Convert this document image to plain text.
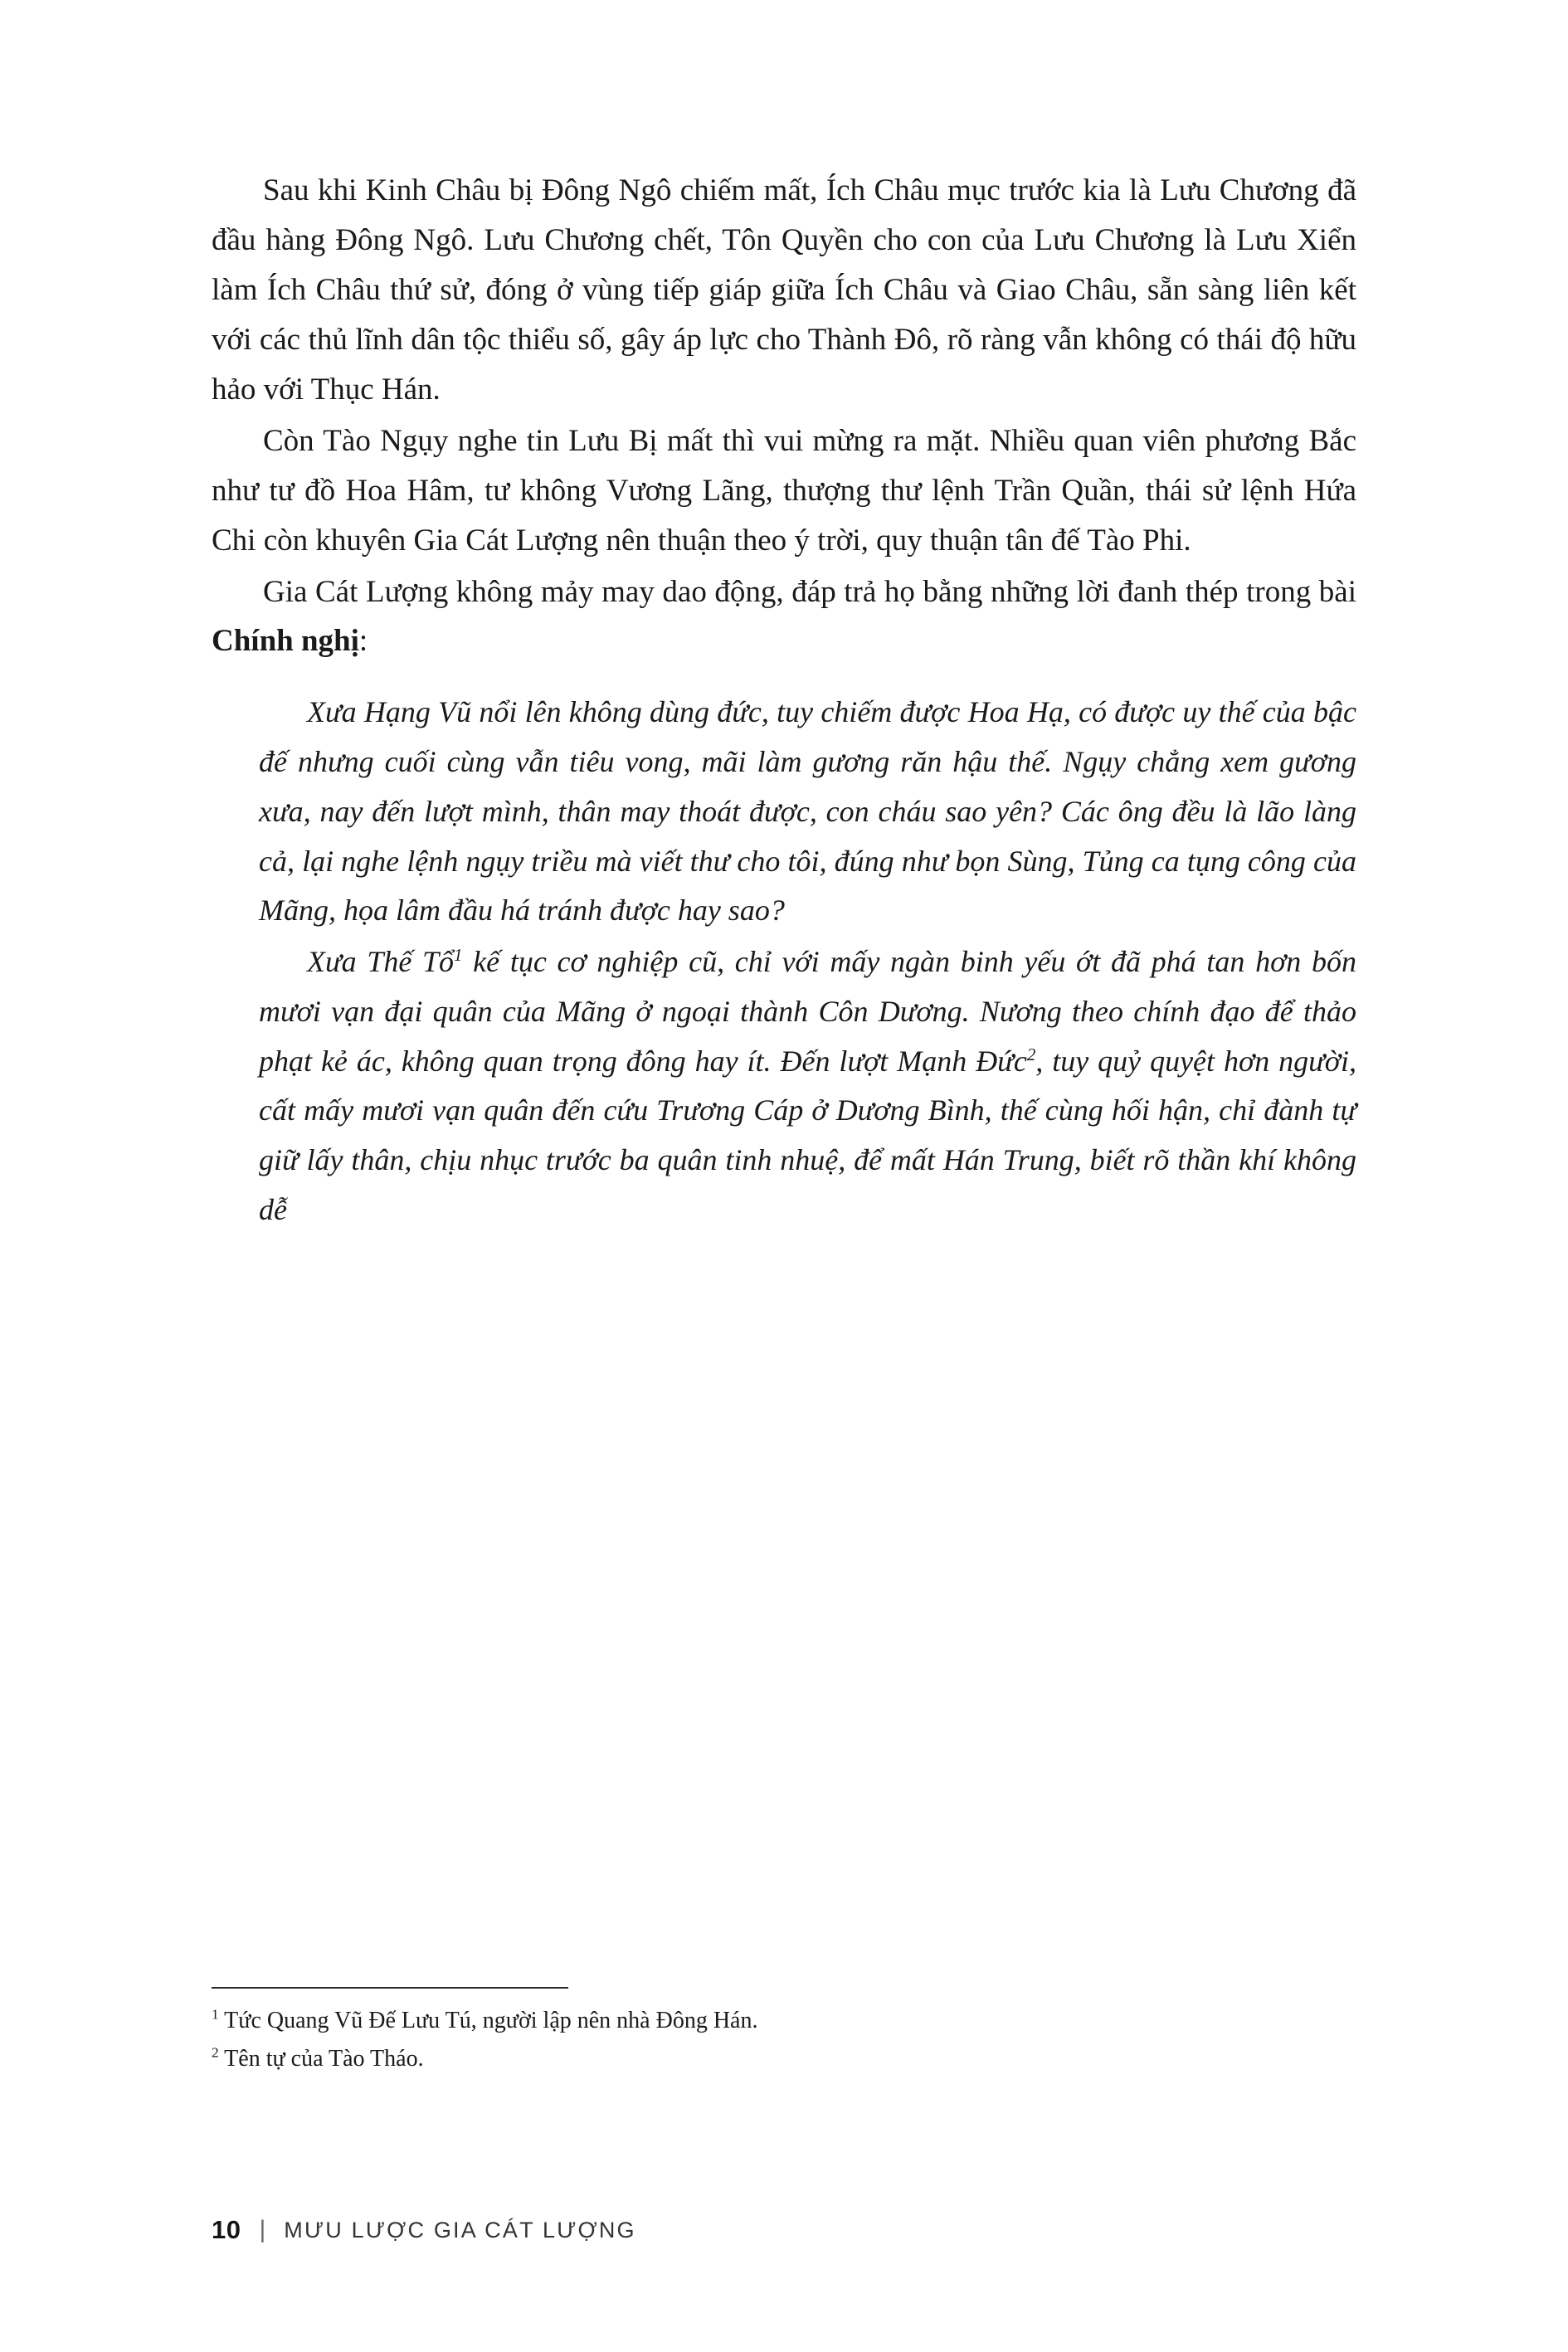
Sau khi Kinh Châu bị Đông Ngô chiếm mất, Ích Châu mục trước kia là Lưu Chương đã đầu hàng Đông Ngô. Lưu Chương chết, Tôn Quyền cho con của Lưu Chương là Lưu Xiển làm Ích Châu thứ sử, đóng ở vùng tiếp giáp giữa Ích Châu và Giao Châu, sẵn sàng liên kết với các thủ lĩnh dân tộc thiểu số, gây áp lực cho Thành Đô, rõ ràng vẫn không có thái độ hữu hảo với Thục Hán.

Còn Tào Ngụy nghe tin Lưu Bị mất thì vui mừng ra mặt. Nhiều quan viên phương Bắc như tư đồ Hoa Hâm, tư không Vương Lãng, thượng thư lệnh Trần Quần, thái sử lệnh Hứa Chi còn khuyên Gia Cát Lượng nên thuận theo ý trời, quy thuận tân đế Tào Phi.

Gia Cát Lượng không mảy may dao động, đáp trả họ bằng những lời đanh thép trong bài Chính nghị:

Xưa Hạng Vũ nổi lên không dùng đức, tuy chiếm được Hoa Hạ, có được uy thế của bậc đế nhưng cuối cùng vẫn tiêu vong, mãi làm gương răn hậu thế. Ngụy chẳng xem gương xưa, nay đến lượt mình, thân may thoát được, con cháu sao yên? Các ông đều là lão làng cả, lại nghe lệnh ngụy triều mà viết thư cho tôi, đúng như bọn Sùng, Tủng ca tụng công của Mãng, họa lâm đầu há tránh được hay sao?

Xưa Thế Tổ$^1$ kế tục cơ nghiệp cũ, chỉ với mấy ngàn binh yếu ớt đã phá tan hơn bốn mươi vạn đại quân của Mãng ở ngoại thành Côn Dương. Nương theo chính đạo để thảo phạt kẻ ác, không quan trọng đông hay ít. Đến lượt Mạnh Đức$^2$, tuy quỷ quyệt hơn người, cất mấy mươi vạn quân đến cứu Trương Cáp ở Dương Bình, thế cùng hối hận, chỉ đành tự giữ lấy thân, chịu nhục trước ba quân tinh nhuệ, để mất Hán Trung, biết rõ thần khí không dễ

$^1$ Tức Quang Vũ Đế Lưu Tú, người lập nên nhà Đông Hán.

$^2$ Tên tự của Tào Tháo.

10 | MƯU LƯỢC GIA CÁT LƯỢNG
